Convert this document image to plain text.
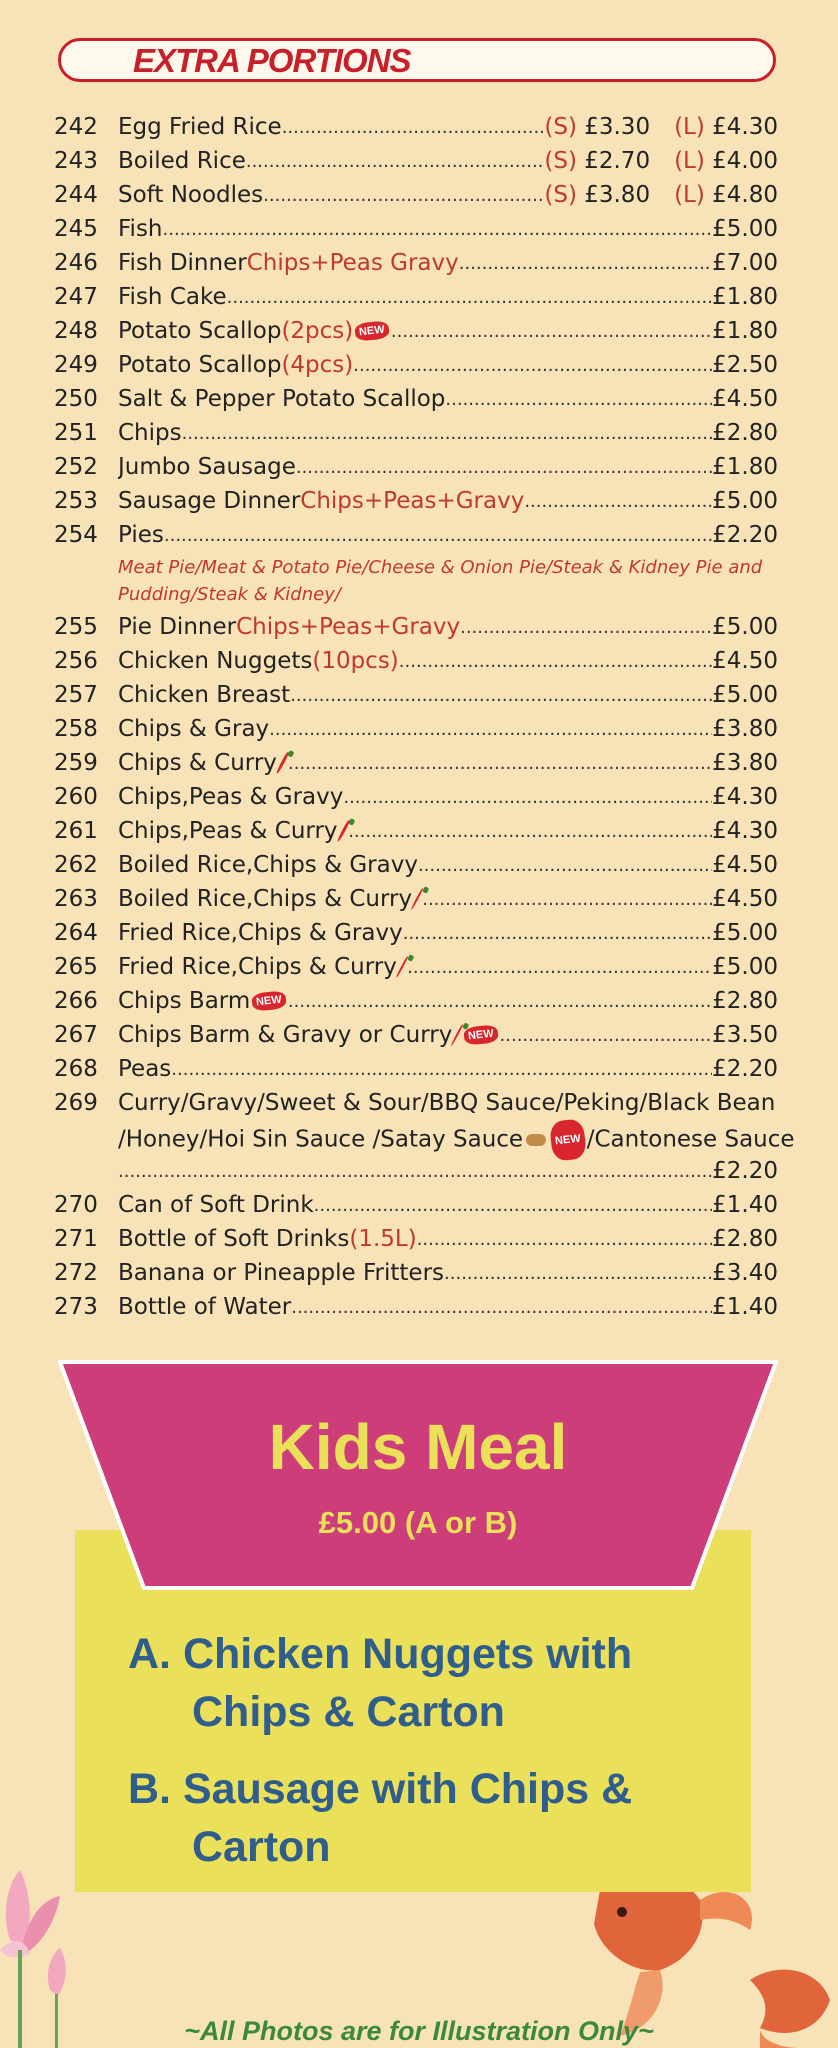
EXTRA PORTIONS
242 Egg Fried Rice .....	(S) £3.30 (L) £4.30
243 Boiled Rice .....	(S) £2.70 (L) £4.00
244 Soft Noodles .....	(S) £3.80 (L) £4.80
245 Fish .....	£5.00
246 Fish Dinner Chips+Peas Gravy .....	£7.00
247 Fish Cake .....	£1.80
248 Potato Scallop (2pcs) NEW .....	£1.80
249 Potato Scallop (4pcs) .....	£2.50
250 Salt & Pepper Potato Scallop .....	£4.50
251 Chips .....	£2.80
252 Jumbo Sausage .....	£1.80
253 Sausage Dinner Chips+Peas+Gravy .....	£5.00
254 Pies .....	£2.20
Meat Pie/Meat & Potato Pie/Cheese & Onion Pie/Steak & Kidney Pie and Pudding/Steak & Kidney/
255 Pie Dinner Chips+Peas+Gravy .....	£5.00
256 Chicken Nuggets (10pcs) .....	£4.50
257 Chicken Breast .....	£5.00
258 Chips & Gray .....	£3.80
259 Chips & Curry .....	£3.80
260 Chips,Peas & Gravy .....	£4.30
261 Chips,Peas & Curry .....	£4.30
262 Boiled Rice,Chips & Gravy .....	£4.50
263 Boiled Rice,Chips & Curry .....	£4.50
264 Fried Rice,Chips & Gravy .....	£5.00
265 Fried Rice,Chips & Curry .....	£5.00
266 Chips Barm NEW .....	£2.80
267 Chips Barm & Gravy or Curry	NEW .....	£3.50
268 Peas .....	£2.20
269 Curry/Gravy/Sweet & Sour/BBQ Sauce/Peking/Black Bean
/Honey/Hoi Sin Sauce /Satay Sauce	NEW /Cantonese Sauce
.....
£2.20
270 Can of Soft Drink .....	£1.40
271 Bottle of Soft Drinks (1.5L) .....	£2.80
272 Banana or Pineapple Fritters .....	£3.40
273 Bottle of Water .....	£1.40
Kids Meal
£5.00 (A or B)
A. Chicken Nuggets with
Chips & Carton
B. Sausage with Chips &
Carton
~All Photos are for Illustration Only~
